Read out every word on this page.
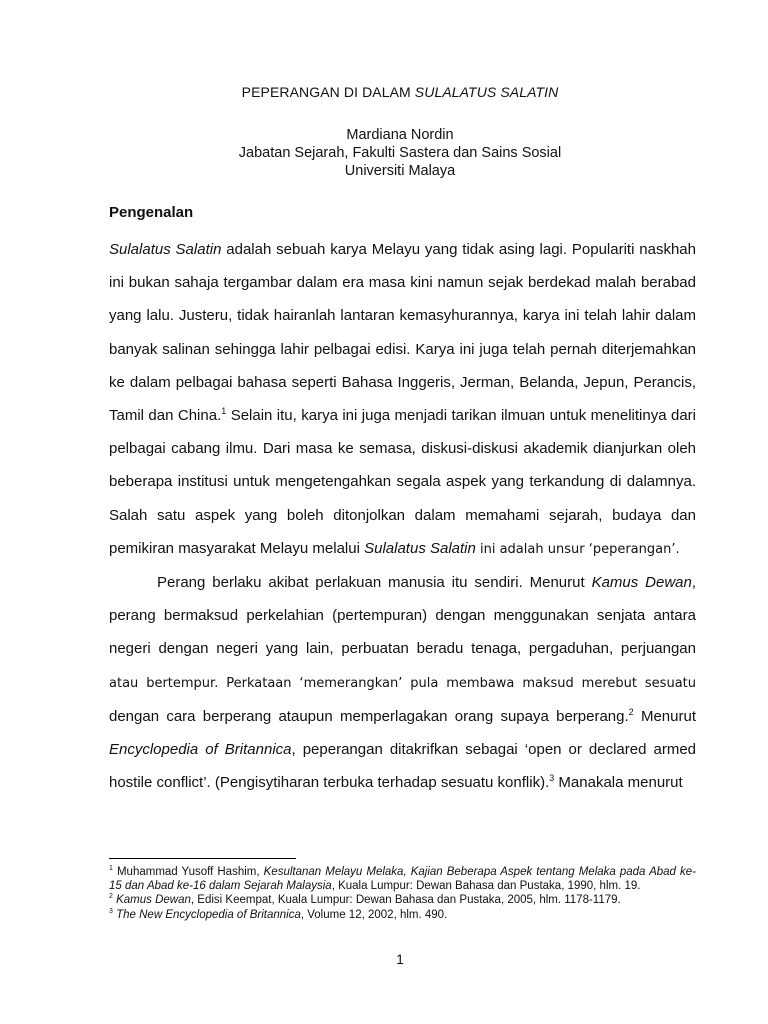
PEPERANGAN DI DALAM SULALATUS SALATIN
Mardiana Nordin
Jabatan Sejarah, Fakulti Sastera dan Sains Sosial
Universiti Malaya
Pengenalan

Sulalatus Salatin adalah sebuah karya Melayu yang tidak asing lagi. Populariti naskhah ini bukan sahaja tergambar dalam era masa kini namun sejak berdekad malah berabad yang lalu. Justeru, tidak hairanlah lantaran kemasyhurannya, karya ini telah lahir dalam banyak salinan sehingga lahir pelbagai edisi. Karya ini juga telah pernah diterjemahkan ke dalam pelbagai bahasa seperti Bahasa Inggeris, Jerman, Belanda, Jepun, Perancis, Tamil dan China.$^1$ Selain itu, karya ini juga menjadi tarikan ilmuan untuk menelitinya dari pelbagai cabang ilmu. Dari masa ke semasa, diskusi-diskusi akademik dianjurkan oleh beberapa institusi untuk mengetengahkan segala aspek yang terkandung di dalamnya. Salah satu aspek yang boleh ditonjolkan dalam memahami sejarah, budaya dan pemikiran masyarakat Melayu melalui Sulalatus Salatin ini adalah unsur ‘peperangan’.

Perang berlaku akibat perlakuan manusia itu sendiri. Menurut Kamus Dewan, perang bermaksud perkelahian (pertempuran) dengan menggunakan senjata antara negeri dengan negeri yang lain, perbuatan beradu tenaga, pergaduhan, perjuangan atau bertempur. Perkataan ‘memerangkan’ pula membawa maksud merebut sesuatu dengan cara berperang ataupun memperlagakan orang supaya berperang.$^2$ Menurut Encyclopedia of Britannica, peperangan ditakrifkan sebagai ‘open or declared armed hostile conflict’. (Pengisytiharan terbuka terhadap sesuatu konflik).$^3$ Manakala menurut

$^1$ Muhammad Yusoff Hashim, Kesultanan Melayu Melaka, Kajian Beberapa Aspek tentang Melaka pada Abad ke-15 dan Abad ke-16 dalam Sejarah Malaysia, Kuala Lumpur: Dewan Bahasa dan Pustaka, 1990, hlm. 19.

$^2$ Kamus Dewan, Edisi Keempat, Kuala Lumpur: Dewan Bahasa dan Pustaka, 2005, hlm. 1178-1179.

$^3$ The New Encyclopedia of Britannica, Volume 12, 2002, hlm. 490.

1
